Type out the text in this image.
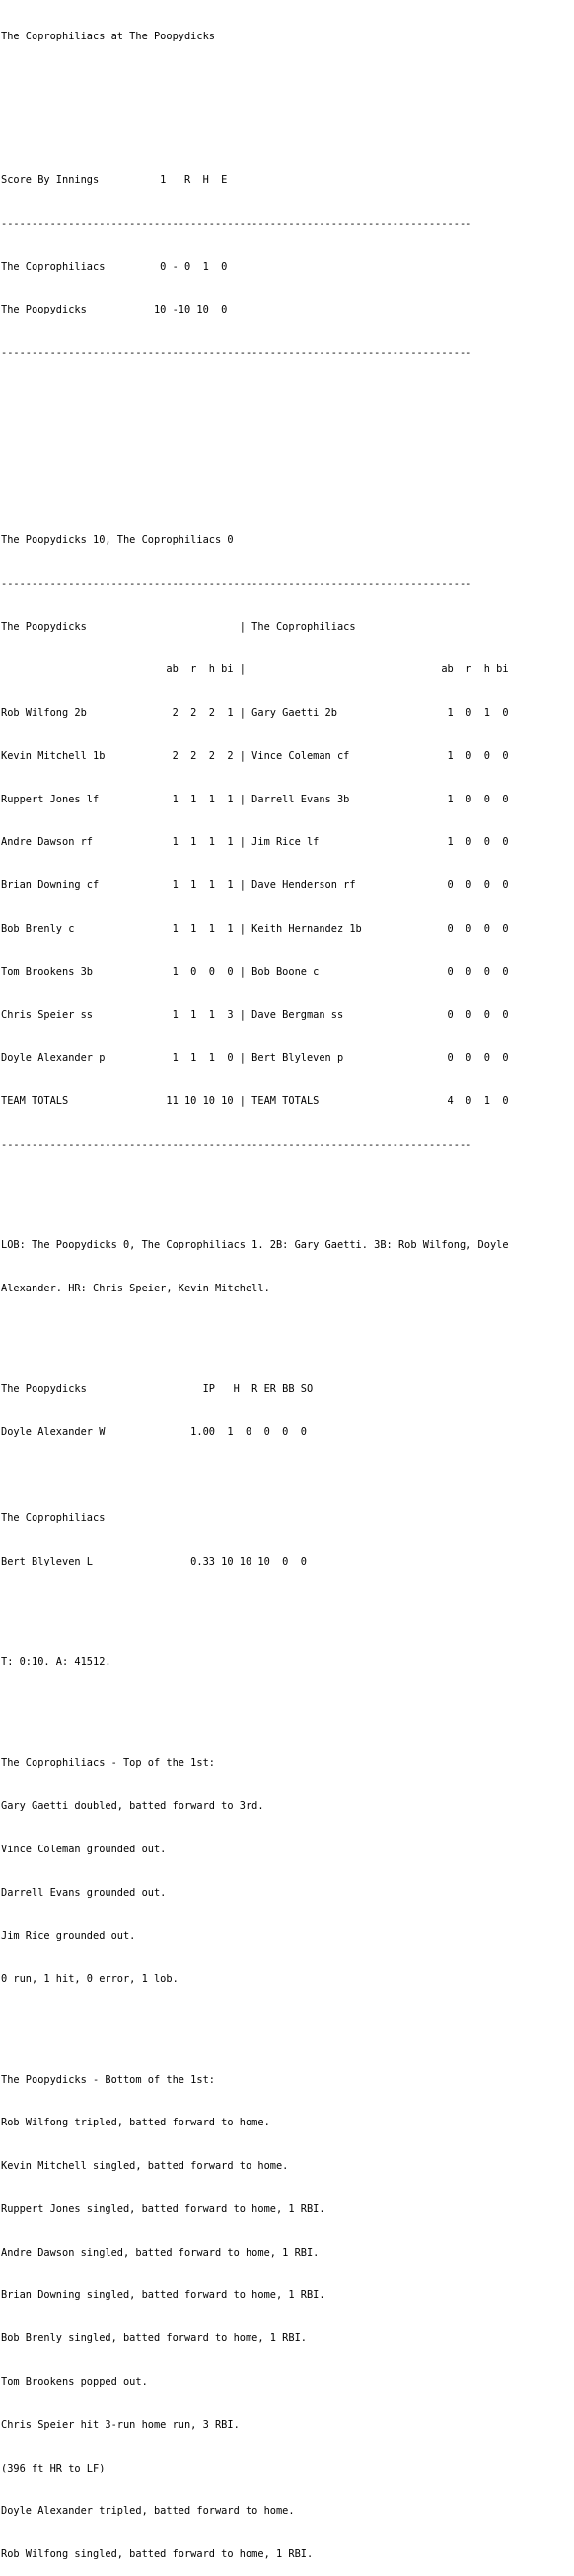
The Coprophiliacs at The Poopydicks

Score By Innings          1   R  H  E

-----------------------------------------------------------------------------

The Coprophiliacs         0 - 0  1  0

The Poopydicks           10 -10 10  0

-----------------------------------------------------------------------------

The Poopydicks 10, The Coprophiliacs 0

-----------------------------------------------------------------------------

The Poopydicks                         | The Coprophiliacs

ab  r  h bi |                                ab  r  h bi

Rob Wilfong 2b              2  2  2  1 | Gary Gaetti 2b                  1  0  1  0

Kevin Mitchell 1b           2  2  2  2 | Vince Coleman cf                1  0  0  0

Ruppert Jones lf            1  1  1  1 | Darrell Evans 3b                1  0  0  0

Andre Dawson rf             1  1  1  1 | Jim Rice lf                     1  0  0  0

Brian Downing cf            1  1  1  1 | Dave Henderson rf               0  0  0  0

Bob Brenly c                1  1  1  1 | Keith Hernandez 1b              0  0  0  0

Tom Brookens 3b             1  0  0  0 | Bob Boone c                     0  0  0  0

Chris Speier ss             1  1  1  3 | Dave Bergman ss                 0  0  0  0

Doyle Alexander p           1  1  1  0 | Bert Blyleven p                 0  0  0  0

TEAM TOTALS                11 10 10 10 | TEAM TOTALS                     4  0  1  0

-----------------------------------------------------------------------------

LOB: The Poopydicks 0, The Coprophiliacs 1. 2B: Gary Gaetti. 3B: Rob Wilfong, Doyle

Alexander. HR: Chris Speier, Kevin Mitchell.

The Poopydicks                   IP   H  R ER BB SO

Doyle Alexander W              1.00  1  0  0  0  0

The Coprophiliacs

Bert Blyleven L                0.33 10 10 10  0  0

T: 0:10. A: 41512.

The Coprophiliacs - Top of the 1st:

Gary Gaetti doubled, batted forward to 3rd.

Vince Coleman grounded out.

Darrell Evans grounded out.

Jim Rice grounded out.

0 run, 1 hit, 0 error, 1 lob.

The Poopydicks - Bottom of the 1st:

Rob Wilfong tripled, batted forward to home.

Kevin Mitchell singled, batted forward to home.

Ruppert Jones singled, batted forward to home, 1 RBI.

Andre Dawson singled, batted forward to home, 1 RBI.

Brian Downing singled, batted forward to home, 1 RBI.

Bob Brenly singled, batted forward to home, 1 RBI.

Tom Brookens popped out.

Chris Speier hit 3-run home run, 3 RBI.

(396 ft HR to LF)

Doyle Alexander tripled, batted forward to home.

Rob Wilfong singled, batted forward to home, 1 RBI.
